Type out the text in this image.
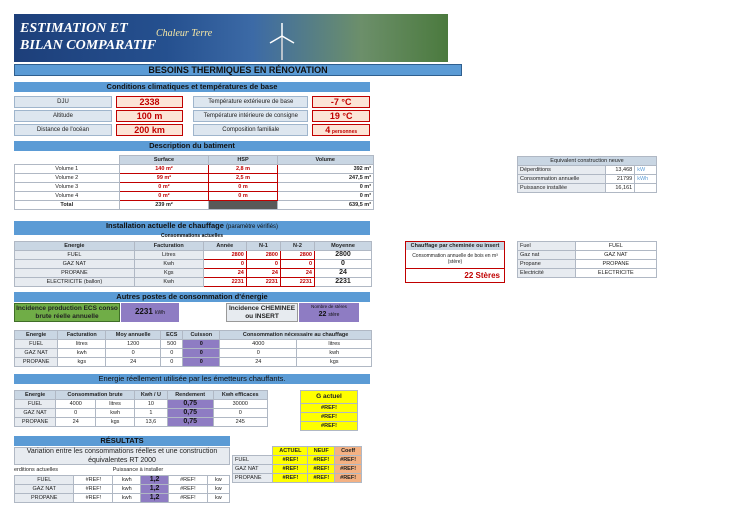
ESTIMATION ET
BILAN COMPARATIF
Chaleur Terre
BESOINS THERMIQUES EN RÉNOVATION
Conditions climatiques et températures de base
DJU	2338	Température extérieure de base	-7 °C
Altitude	100 m	Température intérieure de consigne	19 °C
Distance de l'océan	200 km	Composition familiale	4 personnes
Description du batiment
	Surface	HSP	Volume
Volume 1	140 m²	2,8 m	392 m³
Volume 2	99 m²	2,5 m	247,5 m³
Volume 3	0 m²	0 m	0 m³
Volume 4	0 m²	0 m	0 m³
Total	239 m²		639,5 m³
Equivalent construction neuve		
Déperditions	13,468	kW
Consommation annuelle	21799	kWh
Puissance installée	16,161	
Installation actuelle de chauffage (paramètre vérifiés)
Consommations actuelles
Energie	Facturation	Année	N-1	N-2	Moyenne
FUEL	Litres	2800	2800	2800	2800
GAZ NAT	Kwh	0	0	0	0
PROPANE	Kgs	24	24	24	24
ELECTRICITE (ballon)	Kwh	2231	2231	2231	2231
Chauffage par cheminée ou insert
Consommation annuelle de bois en m³ (stère)
22 Stères
Fuel	FUEL
Gaz nat	GAZ NAT
Propane	PROPANE
Electricité	ELECTRICITE
Autres postes de consommation d'énergie
Incidence production ECS conso brute réelle annuelle
2231 kWh
Incidence CHEMINEE ou INSERT
Nombre de stères
22 stère
Energie	Facturation	Moy annuelle	ECS	Cuisson	Consommation nécessaire au chauffage	
FUEL	litres	1200	500	0	4000	litres
GAZ NAT	kwh	0	0	0	0	kwh
PROPANE	kgs	24	0	0	24	kgs
Energie réellement utilisée par les émetteurs chauffants.
Energie	Consommation brute		Kwh / U	Rendement	Kwh efficaces
FUEL	4000	litres	10	0,75	30000
GAZ NAT	0	kwh	1	0,75	0
PROPANE	24	kgs	13,6	0,75	245
G actuel
#REF!
#REF!
#REF!
RÉSULTATS
Variation entre les consommations réelles et une construction équivalentes RT 2000
	ACTUEL	NEUF	Coeff
FUEL	#REF!	#REF!	#REF!
GAZ NAT	#REF!	#REF!	#REF!
PROPANE	#REF!	#REF!	#REF!
erditions actuelles	Puissance à installer
FUEL	#REF!	kwh	1,2	#REF!	kw
GAZ NAT	#REF!	kwh	1,2	#REF!	kw
PROPANE	#REF!	kwh	1,2	#REF!	kw
